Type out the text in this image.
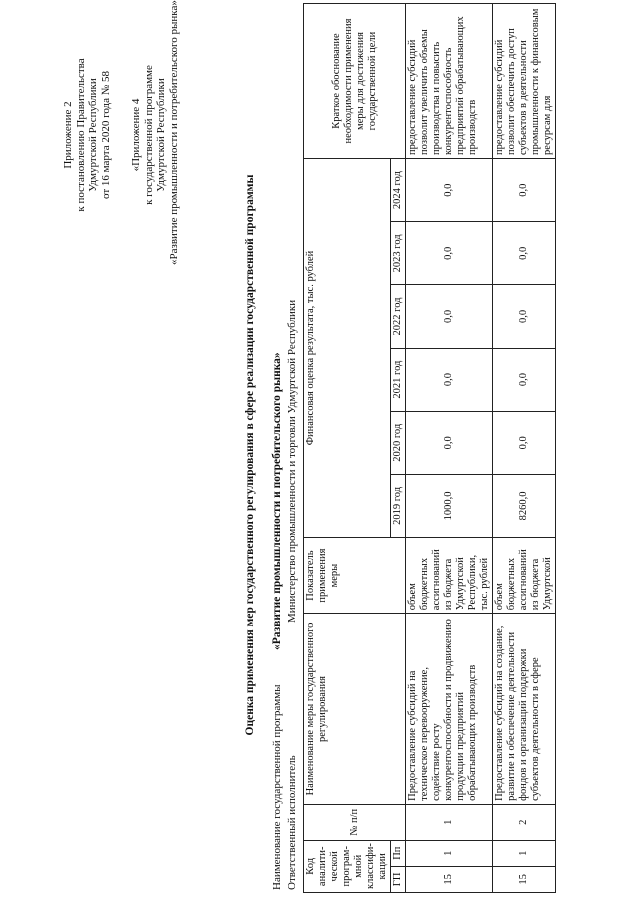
Приложение 2 к постановлению Правительства Удмуртской Республики от 16 марта 2020 года № 58 «Приложение 4 к государственной программе Удмуртской Республики «Развитие промышленности и потребительского рынка»
Оценка применения мер государственного регулирования в сфере реализации государственной программы
Наименование государственной программы
«Развитие промышленности и потребительского рынка»
Ответственный исполнитель
Министерство промышленности и торговли Удмуртской Республики
Код аналити-ческой програм-мной классифи-кации		№ п/п	Наименование меры государственного регулирования	Показатель применения меры	Финансовая оценка результата, тыс. рублей						Краткое обоснование необходимости применения меры для достижения государственной цели
ГП	Пп				2019 год	2020 год	2021 год	2022 год	2023 год	2024 год	

15	1	1	Предоставление субсидий на техническое перевооружение, содействие росту конкурентоспособности и продвижению продукции предприятий обрабатывающих производств	объем бюджетных ассигнований из бюджета Удмуртской Республики, тыс. рублей	1000,0	0,0	0,0	0,0	0,0	0,0	предоставление субсидий позволит увеличить объемы производства и повысить конкурентоспособность предприятий обрабатывающих производств
15	1	2	Предоставление субсидий на создание, развитие и обеспечение деятельности фондов и организаций поддержки субъектов деятельности в сфере	объем бюджетных ассигнований из бюджета Удмуртской	8260,0	0,0	0,0	0,0	0,0	0,0	предоставление субсидий позволит обеспечить доступ субъектов в деятельности промышленности к финансовым ресурсам для
